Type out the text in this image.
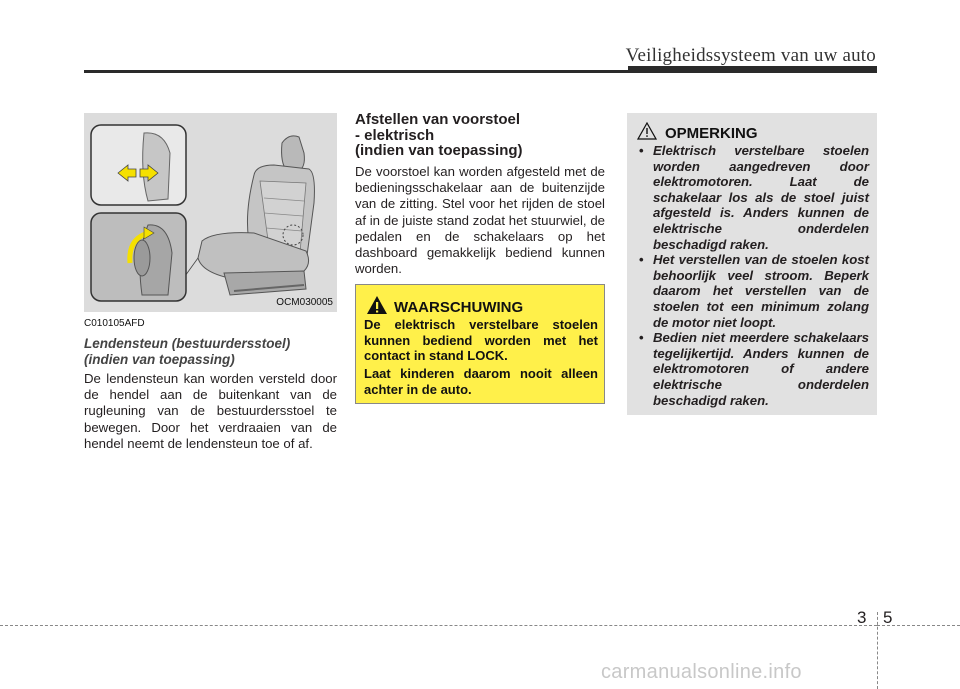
Veiligheidssysteem van uw auto
OCM030005
C010105AFD
Lendensteun (bestuurdersstoel)
(indien van toepassing)
De lendensteun kan worden versteld door de hendel aan de buitenkant van de rugleuning van de bestuurdersstoel te bewegen. Door het verdraaien van de hendel neemt de lendensteun toe of af.
Afstellen van voorstoel
- elektrisch
(indien van toepassing)
De voorstoel kan worden afgesteld met de bedieningsschakelaar aan de buitenzijde van de zitting. Stel voor het rijden de stoel af in de juiste stand zodat het stuurwiel, de pedalen en de schakelaars op het dashboard gemakkelijk bediend kunnen worden.
WAARSCHUWING
De elektrisch verstelbare stoelen kunnen bediend worden met het contact in stand LOCK.
Laat kinderen daarom nooit alleen achter in de auto.
OPMERKING
• Elektrisch verstelbare stoelen worden aangedreven door elektromotoren. Laat de schakelaar los als de stoel juist afgesteld is. Anders kunnen de elektrische onderdelen beschadigd raken.
• Het verstellen van de stoelen kost behoorlijk veel stroom. Beperk daarom het verstellen van de stoelen tot een minimum zolang de motor niet loopt.
• Bedien niet meerdere schakelaars tegelijkertijd. Anders kunnen de elektromotoren of andere elektrische onderdelen beschadigd raken.
3 5
carmanualsonline.info
